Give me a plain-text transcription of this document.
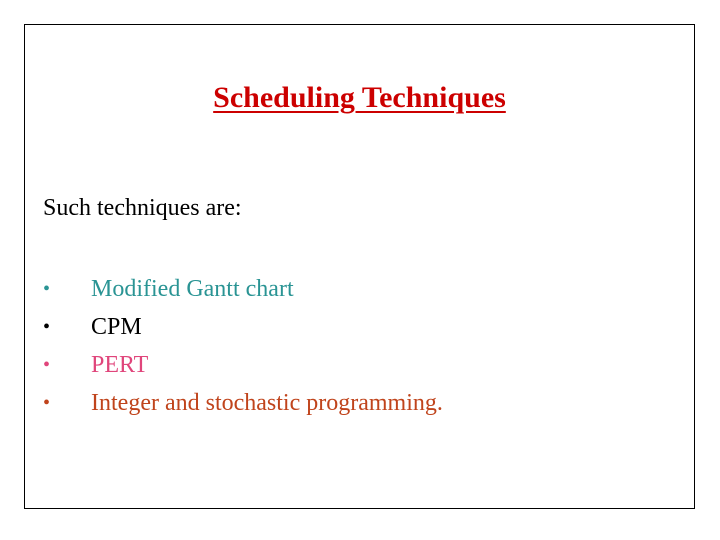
Scheduling Techniques
Such techniques are:
•	Modified Gantt chart
•	CPM
•	PERT
•	Integer and stochastic programming.
